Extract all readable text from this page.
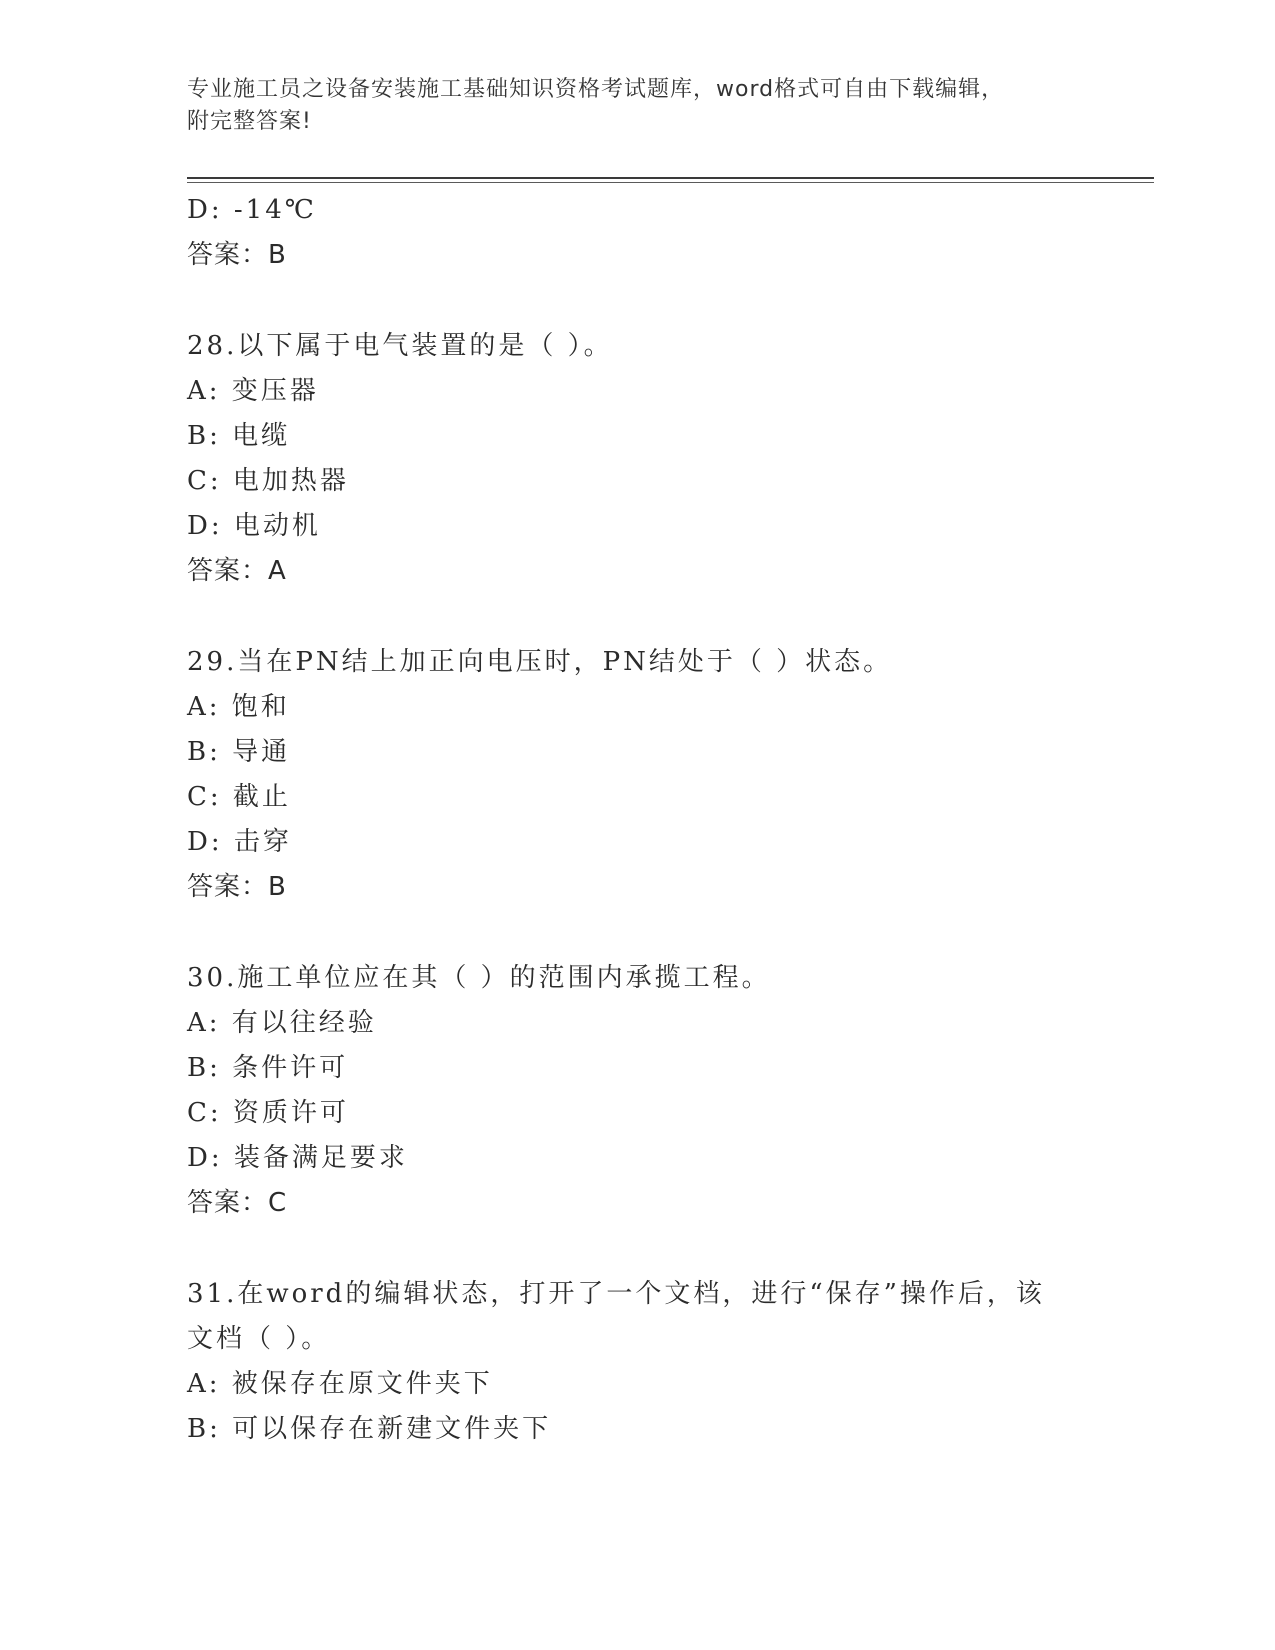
专业施工员之设备安装施工基础知识资格考试题库，word格式可自由下载编辑，
附完整答案!
D: -14℃
答案：B
28.以下属于电气装置的是（ ）。
A: 变压器
B: 电缆
C: 电加热器
D: 电动机
答案：A
29.当在PN结上加正向电压时，PN结处于（ ）状态。
A: 饱和
B: 导通
C: 截止
D: 击穿
答案：B
30.施工单位应在其（ ）的范围内承揽工程。
A: 有以往经验
B: 条件许可
C: 资质许可
D: 装备满足要求
答案：C
31.在word的编辑状态，打开了一个文档，进行“保存”操作后，该
文档（ ）。
A: 被保存在原文件夹下
B: 可以保存在新建文件夹下
